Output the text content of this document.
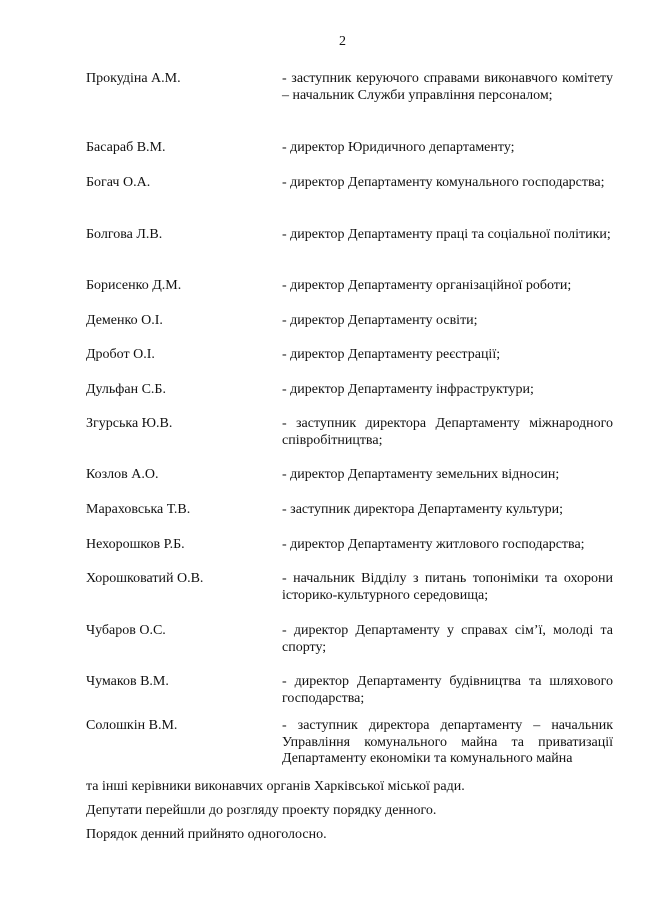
2
Прокудіна А.М.	- заступник керуючого справами виконавчого комітету – начальник Служби управління персоналом;
Басараб В.М.	- директор Юридичного департаменту;
Богач О.А.	- директор Департаменту комунального господарства;
Болгова Л.В.	- директор Департаменту праці та соціальної політики;
Борисенко Д.М.	- директор Департаменту організаційної роботи;
Деменко О.І.	- директор Департаменту освіти;
Дробот О.І.	- директор Департаменту реєстрації;
Дульфан С.Б.	- директор Департаменту інфраструктури;
Згурська Ю.В.	- заступник директора Департаменту міжнародного співробітництва;
Козлов А.О.	- директор Департаменту земельних відносин;
Мараховська Т.В.	- заступник директора Департаменту культури;
Нехорошков Р.Б.	- директор Департаменту житлового господарства;
Хорошковатий О.В.	- начальник Відділу з питань топоніміки та охорони історико-культурного середовища;
Чубаров О.С.	- директор Департаменту у справах сім’ї, молоді та спорту;
Чумаков В.М.	- директор Департаменту будівництва та шляхового господарства;
Солошкін В.М.	- заступник директора департаменту – начальник Управління комунального майна та приватизації Департаменту економіки та комунального майна
та інші керівники виконавчих органів Харківської міської ради.
Депутати перейшли до розгляду проекту порядку денного.
Порядок денний прийнято одноголосно.
